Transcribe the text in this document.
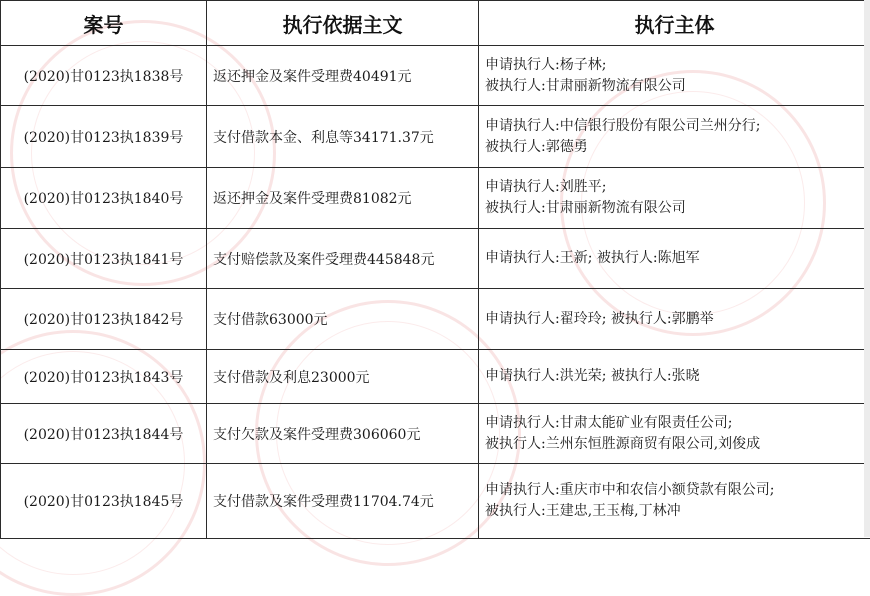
案号	执行依据主文	执行主体
(2020)甘0123执1838号	返还押金及案件受理费40491元	申请执行人:杨子林;
被执行人:甘肃丽新物流有限公司

(2020)甘0123执1839号	支付借款本金、利息等34171.37元	申请执行人:中信银行股份有限公司兰州分行;
被执行人:郭德勇

(2020)甘0123执1840号	返还押金及案件受理费81082元	申请执行人:刘胜平;
被执行人:甘肃丽新物流有限公司

(2020)甘0123执1841号	支付赔偿款及案件受理费445848元	申请执行人:王新; 被执行人:陈旭军

(2020)甘0123执1842号	支付借款63000元	申请执行人:翟玲玲; 被执行人:郭鹏举

(2020)甘0123执1843号	支付借款及利息23000元	申请执行人:洪光荣; 被执行人:张晓

(2020)甘0123执1844号	支付欠款及案件受理费306060元	申请执行人:甘肃太能矿业有限责任公司;
被执行人:兰州东恒胜源商贸有限公司,刘俊成

(2020)甘0123执1845号	支付借款及案件受理费11704.74元	申请执行人:重庆市中和农信小额贷款有限公司;
被执行人:王建忠,王玉梅,丁林冲
